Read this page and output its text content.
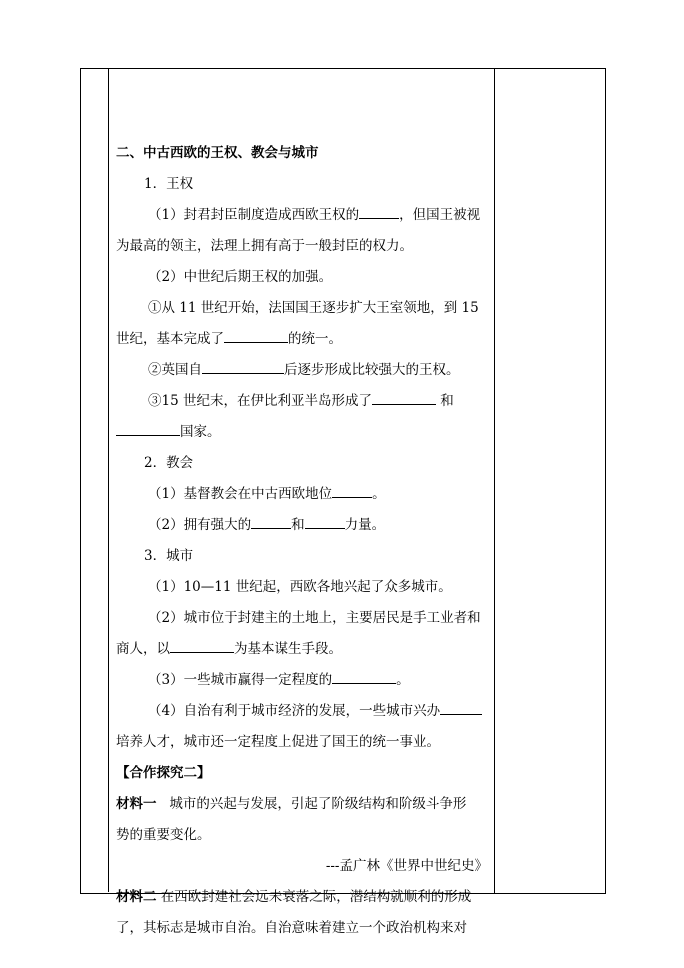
二、中古西欧的王权、教会与城市
1．王权
（1）封君封臣制度造成西欧王权的	，但国王被视
为最高的领主，法理上拥有高于一般封臣的权力。
（2）中世纪后期王权的加强。
①从 11 世纪开始，法国国王逐步扩大王室领地，到 15
世纪，基本完成了	的统一。
②英国自	后逐步形成比较强大的王权。
③15 世纪末，在伊比利亚半岛形成了	和
国家。
2．教会
（1）基督教会在中古西欧地位	。
（2）拥有强大的	和	力量。
3．城市
（1）10—11 世纪起，西欧各地兴起了众多城市。
（2）城市位于封建主的土地上，主要居民是手工业者和
商人，以	为基本谋生手段。
（3）一些城市赢得一定程度的	。
（4）自治有利于城市经济的发展，一些城市兴办
培养人才，城市还一定程度上促进了国王的统一事业。
【合作探究二】
材料一 城市的兴起与发展，引起了阶级结构和阶级斗争形
势的重要变化。
---孟广林《世界中世纪史》
材料二 在西欧封建社会远未衰落之际，潜结构就顺利的形成
了，其标志是城市自治。自治意味着建立一个政治机构来对
